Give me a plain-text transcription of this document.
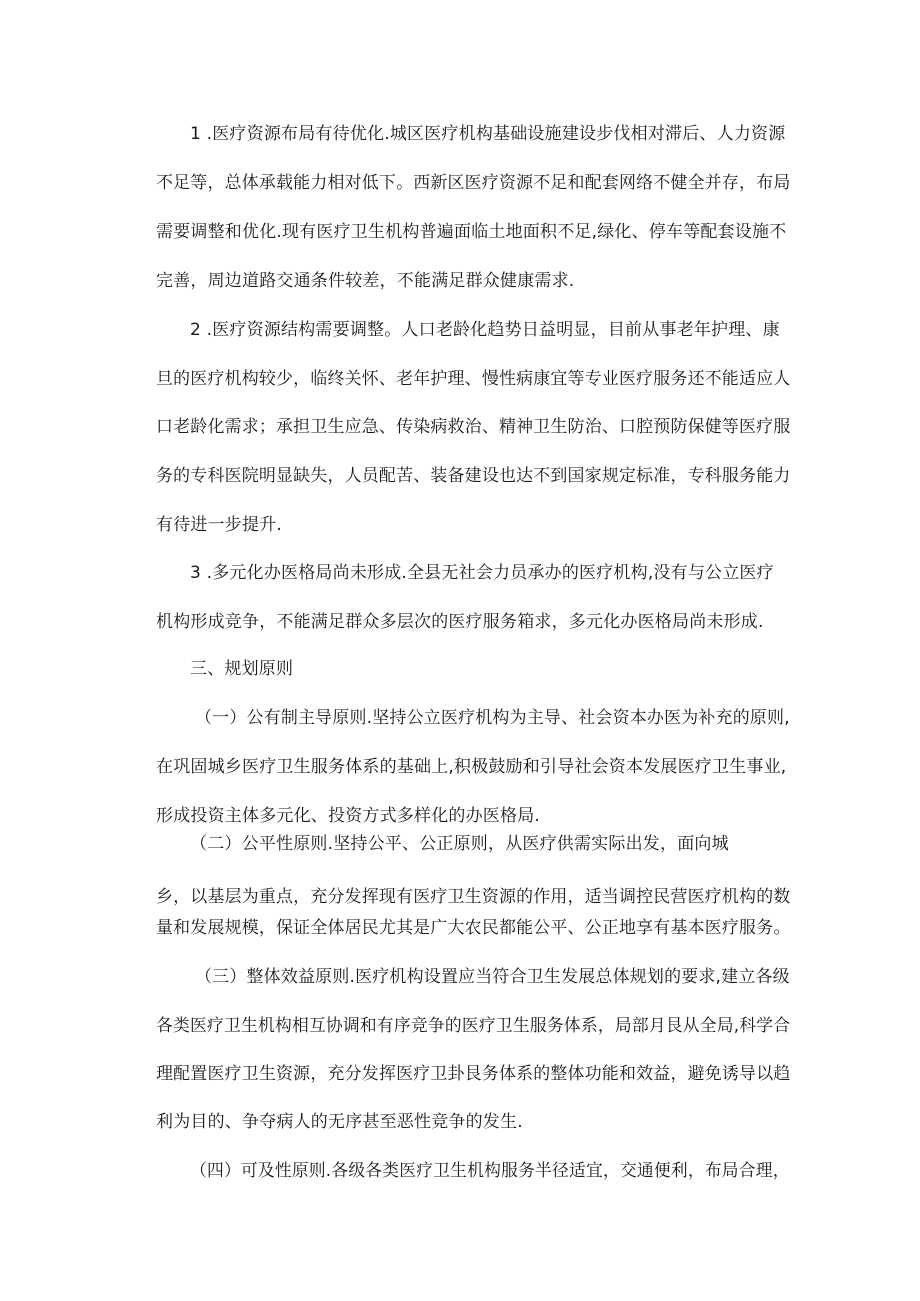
1 .医疗资源布局有待优化.城区医疗机构基础设施建设步伐相对滞后、人力资源
不足等，总体承载能力相对低下。西新区医疗资源不足和配套网络不健全并存，布局
需要调整和优化.现有医疗卫生机构普遍面临土地面积不足,绿化、停车等配套设施不
完善，周边道路交通条件较差，不能满足群众健康需求.
2 .医疗资源结构需要调整。人口老龄化趋势日益明显，目前从事老年护理、康
旦的医疗机构较少，临终关怀、老年护理、慢性病康宜等专业医疗服务还不能适应人
口老龄化需求；承担卫生应急、传染病救治、精神卫生防治、口腔预防保健等医疗服
务的专科医院明显缺失，人员配苦、装备建设也达不到国家规定标准，专科服务能力
有待进一步提升.
3 .多元化办医格局尚未形成.全县无社会力员承办的医疗机构,没有与公立医疗
机构形成竞争，不能满足群众多层次的医疗服务箱求，多元化办医格局尚未形成.
三、规划原则
（一）公有制主导原则.坚持公立医疗机构为主导、社会资本办医为补充的原则,
在巩固城乡医疗卫生服务体系的基础上,积极鼓励和引导社会资本发展医疗卫生事业,
形成投资主体多元化、投资方式多样化的办医格局.
（二）公平性原则.坚持公平、公正原则，从医疗供需实际出发，面向城
乡，以基层为重点，充分发挥现有医疗卫生资源的作用，适当调控民营医疗机构的数
量和发展规模，保证全体居民尤其是广大农民都能公平、公正地享有基本医疗服务。
（三）整体效益原则.医疗机构设置应当符合卫生发展总体规划的要求,建立各级
各类医疗卫生机构相互协调和有序竞争的医疗卫生服务体系，局部月艮从全局,科学合
理配置医疗卫生资源，充分发挥医疗卫卦艮务体系的整体功能和效益，避免诱导以趋
利为目的、争夺病人的无序甚至恶性竞争的发生.
（四）可及性原则.各级各类医疗卫生机构服务半径适宜，交通便利，布局合理，
